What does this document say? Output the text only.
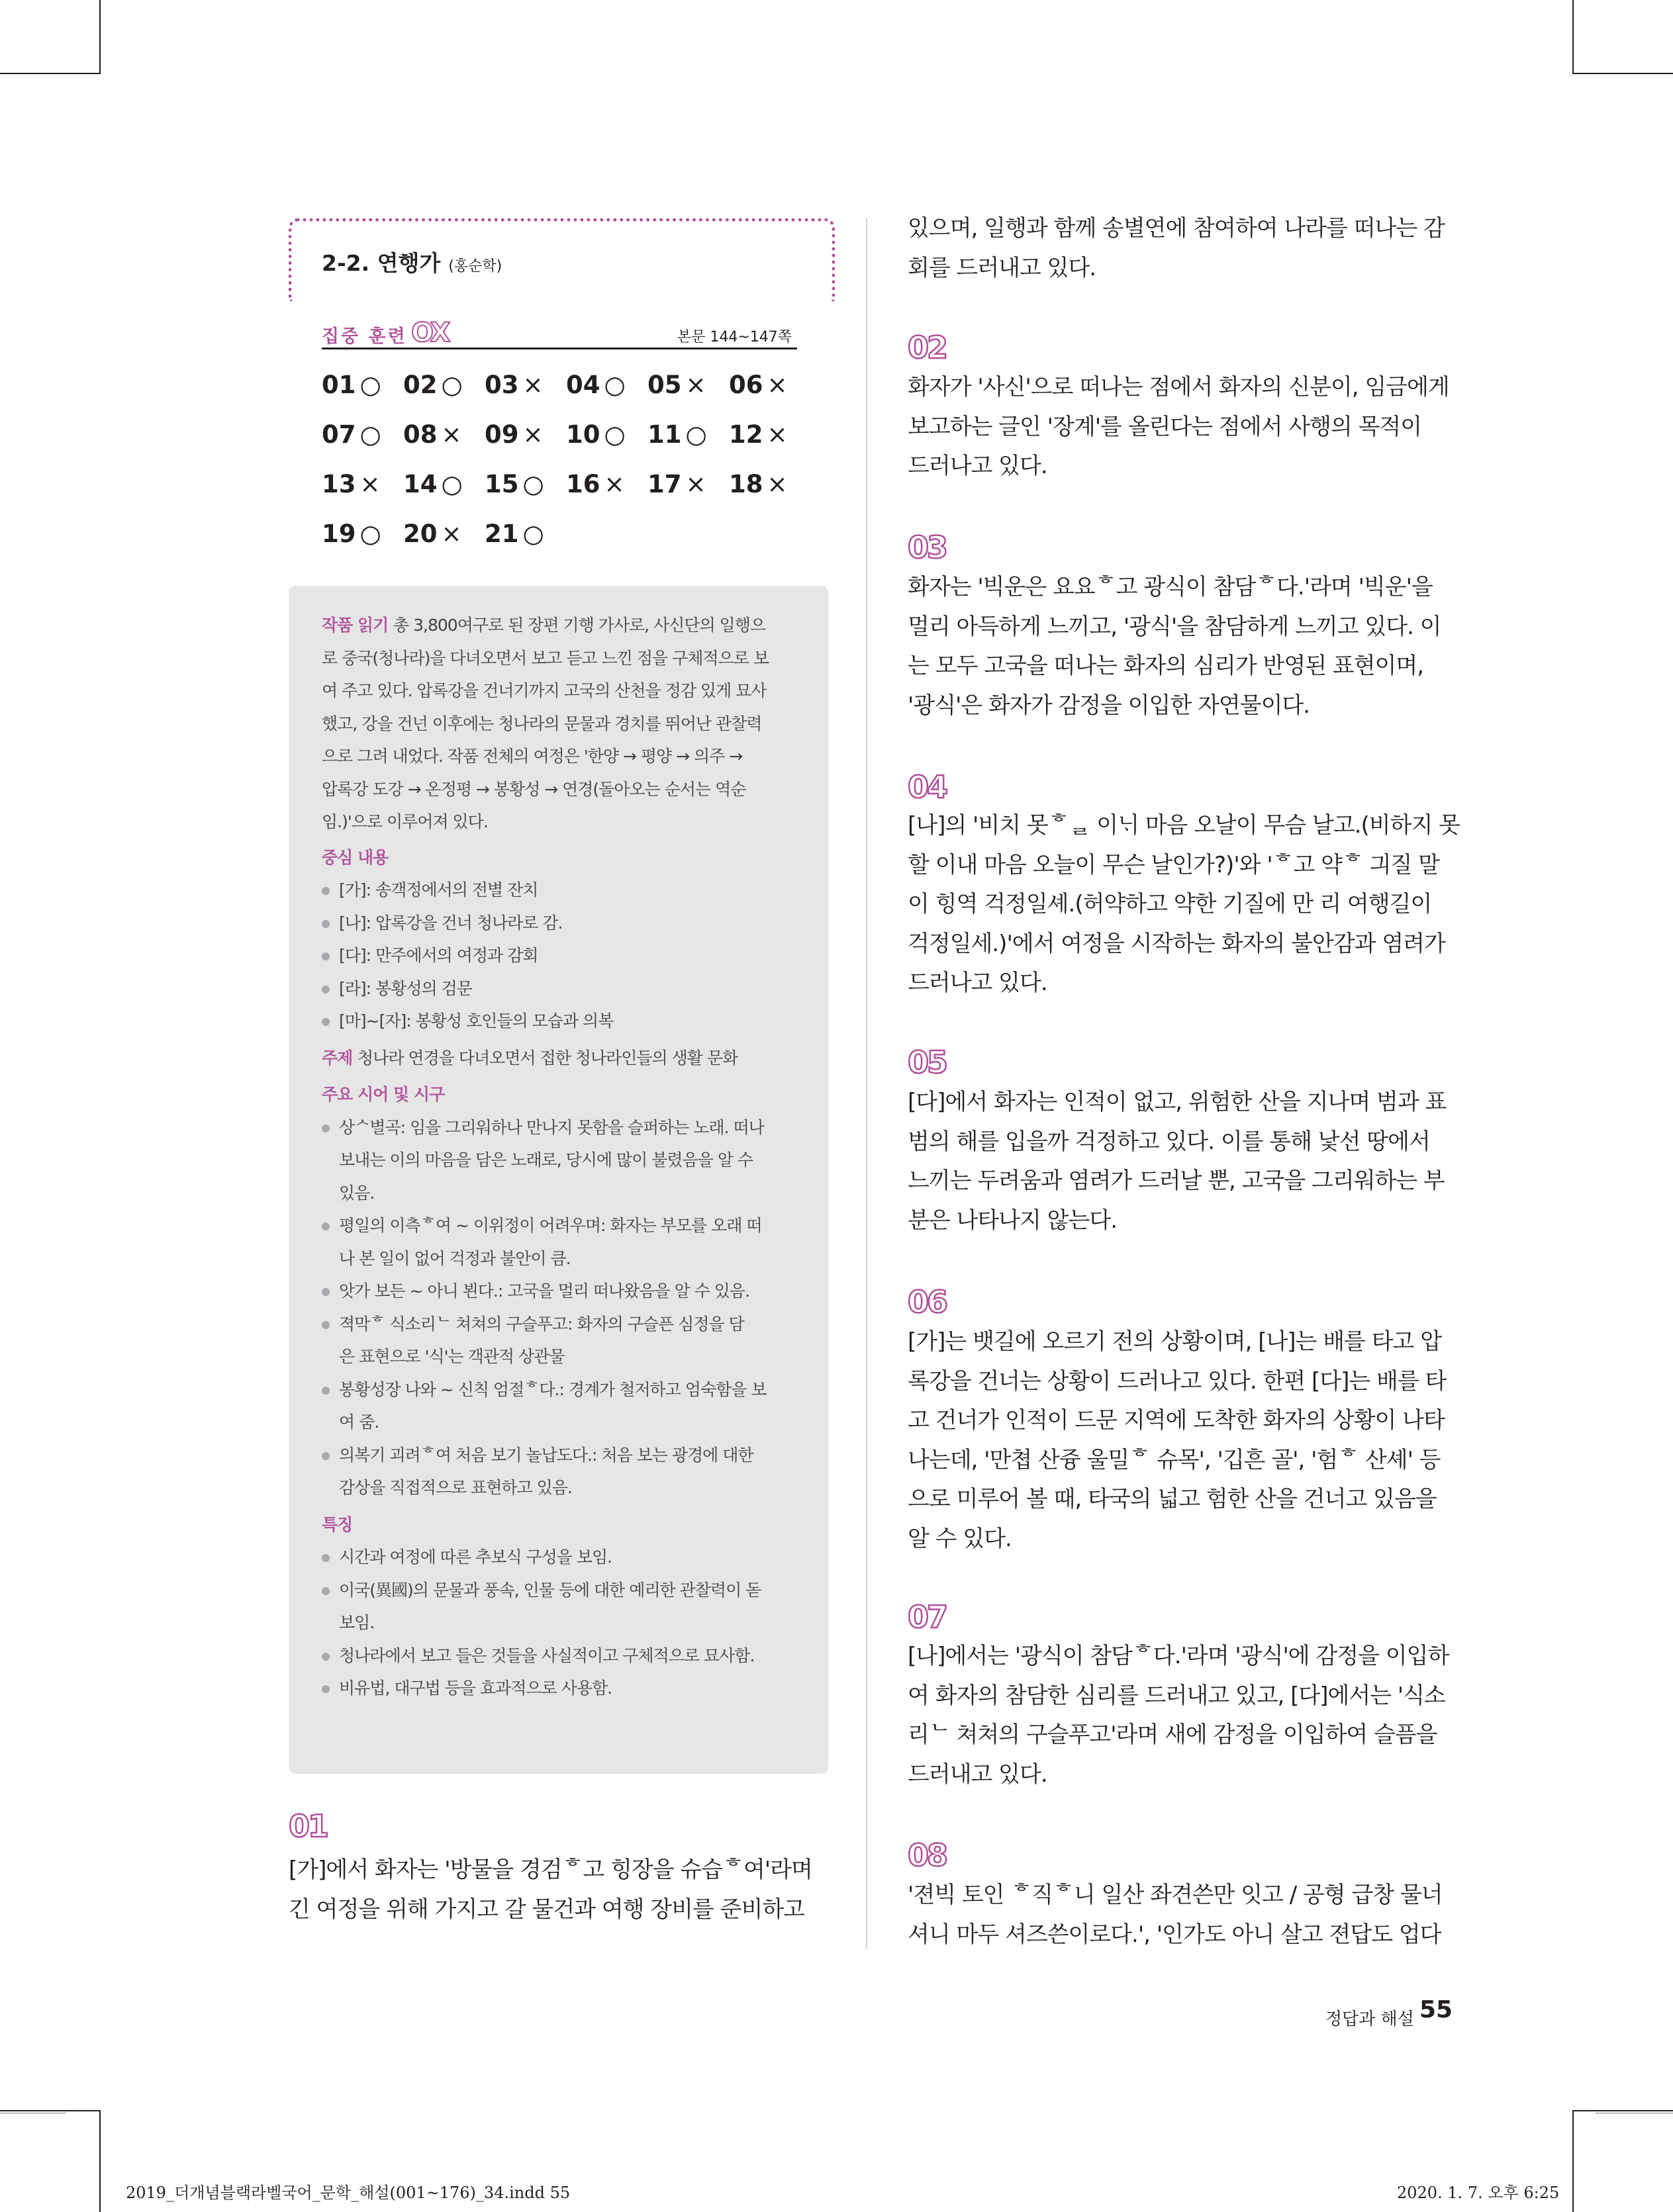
2-2. 연행가 (홍순학)
집중 훈련 OX	본문 144~147쪽
01 ○ 02 ○ 03 × 04 ○ 05 × 06 ×
07 ○ 08 × 09 × 10 ○ 11 ○ 12 ×
13 × 14 ○ 15 ○ 16 × 17 × 18 ×
19 ○ 20 × 21 ○
작품 읽기 총 3,800여구로 된 장편 기행 가사로, 사신단의 일행으
로 중국(청나라)을 다녀오면서 보고 듣고 느낀 점을 구체적으로 보
여 주고 있다. 압록강을 건너기까지 고국의 산천을 정감 있게 묘사
했고, 강을 건넌 이후에는 청나라의 문물과 경치를 뛰어난 관찰력
으로 그려 내었다. 작품 전체의 여정은 '한양 → 평양 → 의주 →
압록강 도강 → 온정평 → 봉황성 → 연경(돌아오는 순서는 역순
임.)'으로 이루어져 있다.
중심 내용
[가]: 송객정에서의 전별 잔치
[나]: 압록강을 건너 청나라로 감.
[다]: 만주에서의 여정과 감회
[라]: 봉황성의 검문
[마]~[자]: 봉황성 호인들의 모습과 의복
주제 청나라 연경을 다녀오면서 접한 청나라인들의 생활 문화
주요 시어 및 시구
상ᄉ별곡: 임을 그리워하나 만나지 못함을 슬퍼하는 노래. 떠나
보내는 이의 마음을 담은 노래로, 당시에 많이 불렸음을 알 수
있음.
평일의 이측ᄒ여 ~ 이위정이 어려우며: 화자는 부모를 오래 떠
나 본 일이 없어 걱정과 불안이 큼.
앗가 보든 ~ 아니 뵌다.: 고국을 멀리 떠나왔음을 알 수 있음.
젹막ᄒ 식소리ᄂ 쳐쳐의 구슬푸고: 화자의 구슬픈 심정을 담
은 표현으로 '식'는 객관적 상관물
봉황성장 나와 ~ 신칙 엄절ᄒ다.: 경계가 철저하고 엄숙함을 보
여 줌.
의복기 괴려ᄒ여 처음 보기 놀납도다.: 처음 보는 광경에 대한
감상을 직접적으로 표현하고 있음.
특징
시간과 여정에 따른 추보식 구성을 보임.
이국(異國)의 문물과 풍속, 인물 등에 대한 예리한 관찰력이 돋
보임.
청나라에서 보고 들은 것들을 사실적이고 구체적으로 묘사함.
비유법, 대구법 등을 효과적으로 사용함.
01
[가]에서 화자는 '방물을 경검ᄒ고 힝장을 슈습ᄒ여'라며
긴 여정을 위해 가지고 갈 물건과 여행 장비를 준비하고
있으며, 일행과 함께 송별연에 참여하여 나라를 떠나는 감
회를 드러내고 있다.
02
화자가 '사신'으로 떠나는 점에서 화자의 신분이, 임금에게
보고하는 글인 '장계'를 올린다는 점에서 사행의 목적이
드러나고 있다.
03
화자는 '빅운은 요요ᄒ고 광식이 참담ᄒ다.'라며 '빅운'을
멀리 아득하게 느끼고, '광식'을 참담하게 느끼고 있다. 이
는 모두 고국을 떠나는 화자의 심리가 반영된 표현이며,
'광식'은 화자가 감정을 이입한 자연물이다.
04
[나]의 '비치 못ᄒᆯ 이ᄂᆡ 마음 오날이 무슴 날고.(비하지 못
할 이내 마음 오늘이 무슨 날인가?)'와 'ᄒ고 약ᄒ 긔질 말
이 힝역 걱정일셰.(허약하고 약한 기질에 만 리 여행길이
걱정일세.)'에서 여정을 시작하는 화자의 불안감과 염려가
드러나고 있다.
05
[다]에서 화자는 인적이 없고, 위험한 산을 지나며 범과 표
범의 해를 입을까 걱정하고 있다. 이를 통해 낯선 땅에서
느끼는 두려움과 염려가 드러날 뿐, 고국을 그리워하는 부
분은 나타나지 않는다.
06
[가]는 뱃길에 오르기 전의 상황이며, [나]는 배를 타고 압
록강을 건너는 상황이 드러나고 있다. 한편 [다]는 배를 타
고 건너가 인적이 드문 지역에 도착한 화자의 상황이 나타
나는데, '만쳡 산즁 울밀ᄒ 슈목', '깁흔 골', '험ᄒ 산셰' 등
으로 미루어 볼 때, 타국의 넓고 험한 산을 건너고 있음을
알 수 있다.
07
[나]에서는 '광식이 참담ᄒ다.'라며 '광식'에 감정을 이입하
여 화자의 참담한 심리를 드러내고 있고, [다]에서는 '식소
리ᄂ 쳐쳐의 구슬푸고'라며 새에 감정을 이입하여 슬픔을
드러내고 있다.
08
'젼빅 토인 ᄒ직ᄒ니 일산 좌견쓴만 잇고 / 공형 급창 물너
셔니 마두 셔즈쓴이로다.', '인가도 아니 살고 젼답도 업다
정답과 해설 55
2019_더개념블랙라벨국어_문학_해설(001~176)_34.indd 55	2020. 1. 7. 오후 6:25
